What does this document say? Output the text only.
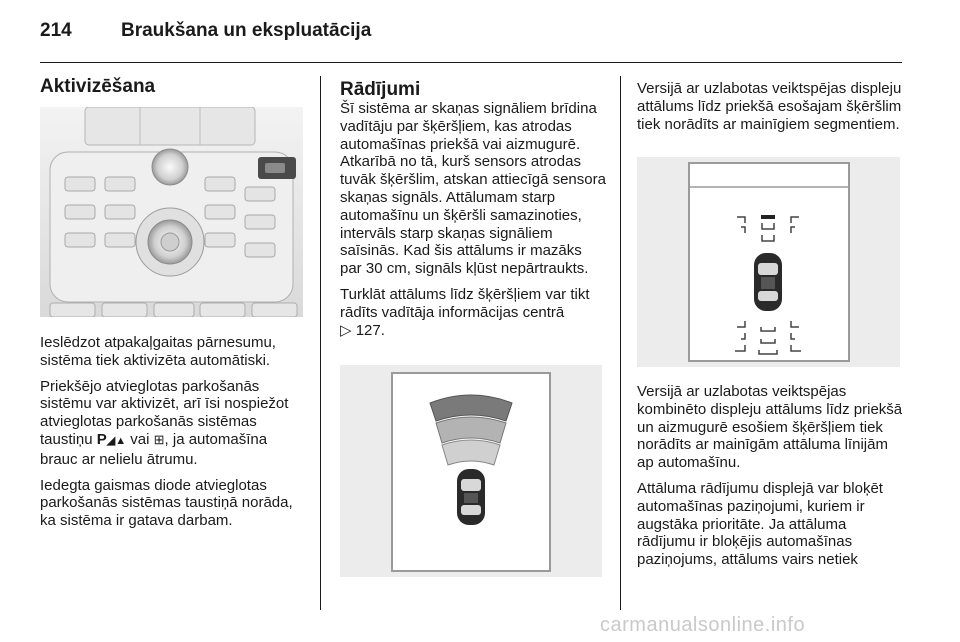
214	Braukšana un ekspluatācija
Aktivizēšana

Ieslēdzot atpakaļgaitas pārnesumu, sistēma tiek aktivizēta automātiski.

Priekšējo atvieglotas parkošanās sistēmu var aktivizēt, arī īsi nospiežot atvieglotas parkošanās sistēmas taustiņu P◢▲ vai ⊞, ja automašīna brauc ar nelielu ātrumu.

Iedegta gaismas diode atvieglotas parkošanās sistēmas taustiņā norāda, ka sistēma ir gatava darbam.

Rādījumi

Šī sistēma ar skaņas signāliem brīdina vadītāju par šķēršļiem, kas atrodas automašīnas priekšā vai aizmugurē. Atkarībā no tā, kurš sensors atrodas tuvāk šķēršlim, atskan attiecīgā sensora skaņas signāls. Attālumam starp automašīnu un šķēršli samazinoties, intervāls starp skaņas signāliem saīsinās. Kad šis attālums ir mazāks par 30 cm, signāls kļūst nepārtraukts.

Turklāt attālums līdz šķēršļiem var tikt rādīts vadītāja informācijas centrā
▷ 127.

Versijā ar uzlabotas veiktspējas displeju attālums līdz priekšā esošajam šķēršlim tiek norādīts ar mainīgiem segmentiem.

Versijā ar uzlabotas veiktspējas kombinēto displeju attālums līdz priekšā un aizmugurē esošiem šķēršļiem tiek norādīts ar mainīgām attāluma līnijām ap automašīnu.

Attāluma rādījumu displejā var bloķēt automašīnas paziņojumi, kuriem ir augstāka prioritāte. Ja attāluma rādījumu ir bloķējis automašīnas paziņojums, attālums vairs netiek

carmanualsonline.info
